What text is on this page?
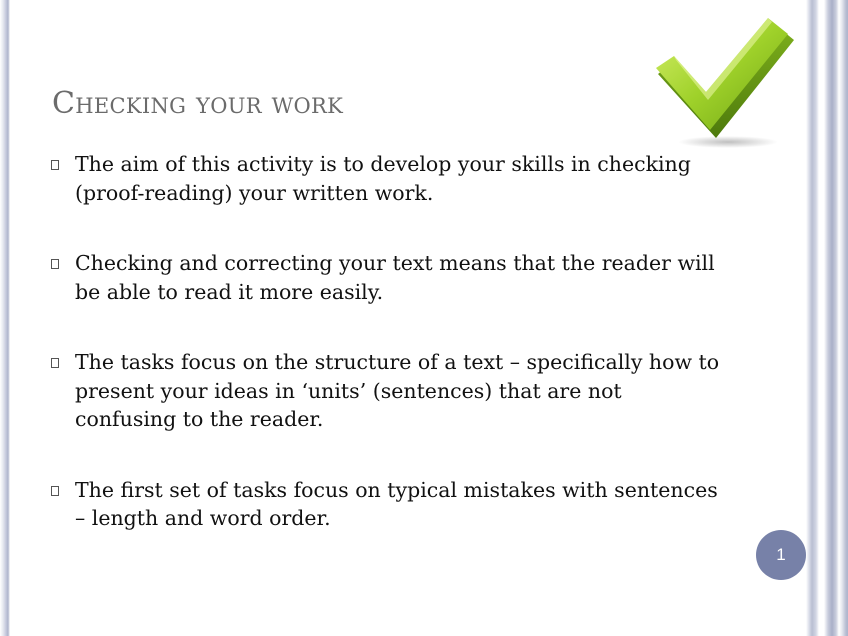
Checking your work
The aim of this activity is to develop your skills in checking (proof-reading) your written work.
Checking and correcting your text means that the reader will be able to read it more easily.
The tasks focus on the structure of a text – specifically how to present your ideas in ‘units’ (sentences) that are not confusing to the reader.
The first set of tasks focus on typical mistakes with sentences – length and word order.
1
